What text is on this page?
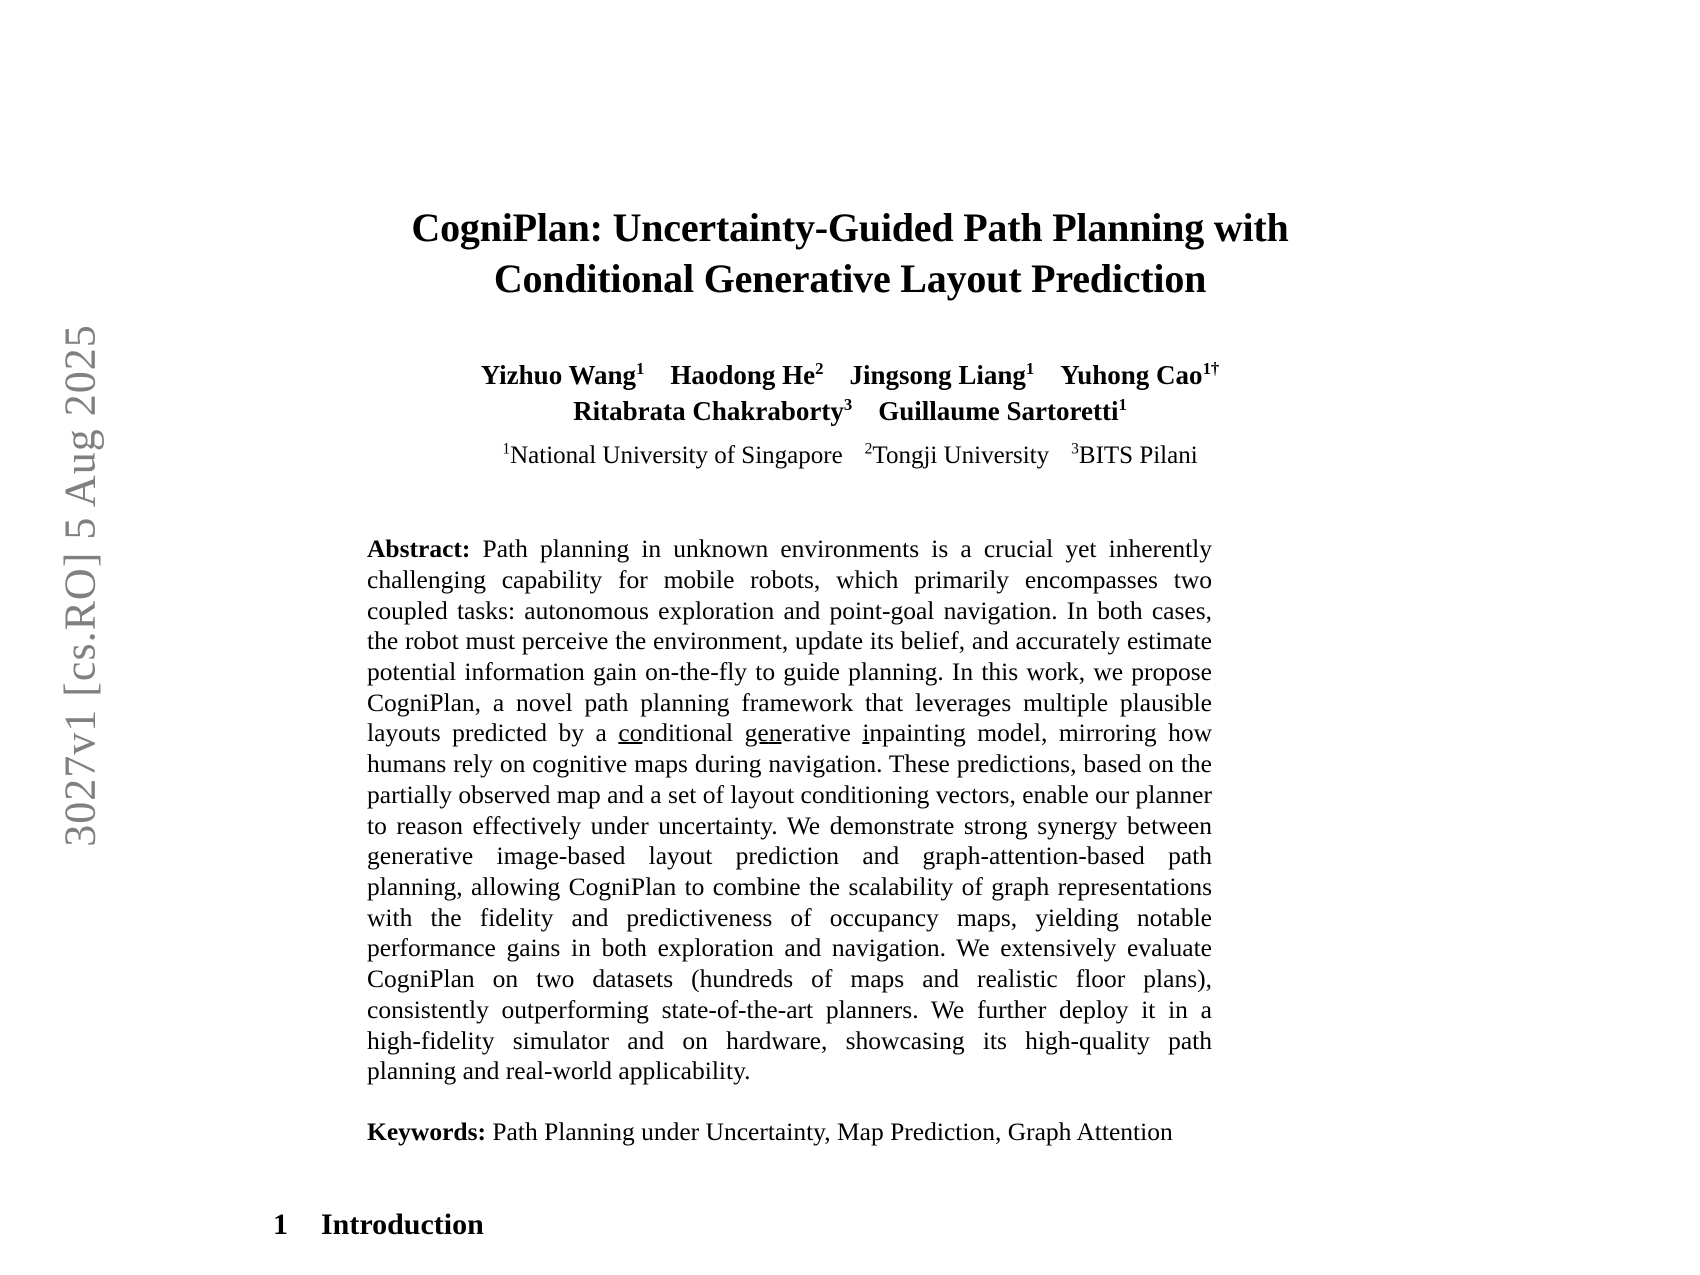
3027v1 [cs.RO] 5 Aug 2025
CogniPlan: Uncertainty-Guided Path Planning with
Conditional Generative Layout Prediction
Yizhuo Wang$^1$ Haodong He$^2$ Jingsong Liang$^1$ Yuhong Cao$^{1\dagger}$
Ritabrata Chakraborty$^3$ Guillaume Sartoretti$^1$
$^1$National University of Singapore $^2$Tongji University $^3$BITS Pilani
Abstract: Path planning in unknown environments is a crucial yet inherently challenging capability for mobile robots, which primarily encompasses two coupled tasks: autonomous exploration and point-goal navigation. In both cases, the robot must perceive the environment, update its belief, and accurately estimate potential information gain on-the-fly to guide planning. In this work, we propose CogniPlan, a novel path planning framework that leverages multiple plausible layouts predicted by a conditional generative inpainting model, mirroring how humans rely on cognitive maps during navigation. These predictions, based on the partially observed map and a set of layout conditioning vectors, enable our planner to reason effectively under uncertainty. We demonstrate strong synergy between generative image-based layout prediction and graph-attention-based path planning, allowing CogniPlan to combine the scalability of graph representations with the fidelity and predictiveness of occupancy maps, yielding notable performance gains in both exploration and navigation. We extensively evaluate CogniPlan on two datasets (hundreds of maps and realistic floor plans), consistently outperforming state-of-the-art planners. We further deploy it in a high-fidelity simulator and on hardware, showcasing its high-quality path planning and real-world applicability.
Keywords: Path Planning under Uncertainty, Map Prediction, Graph Attention
1 Introduction
